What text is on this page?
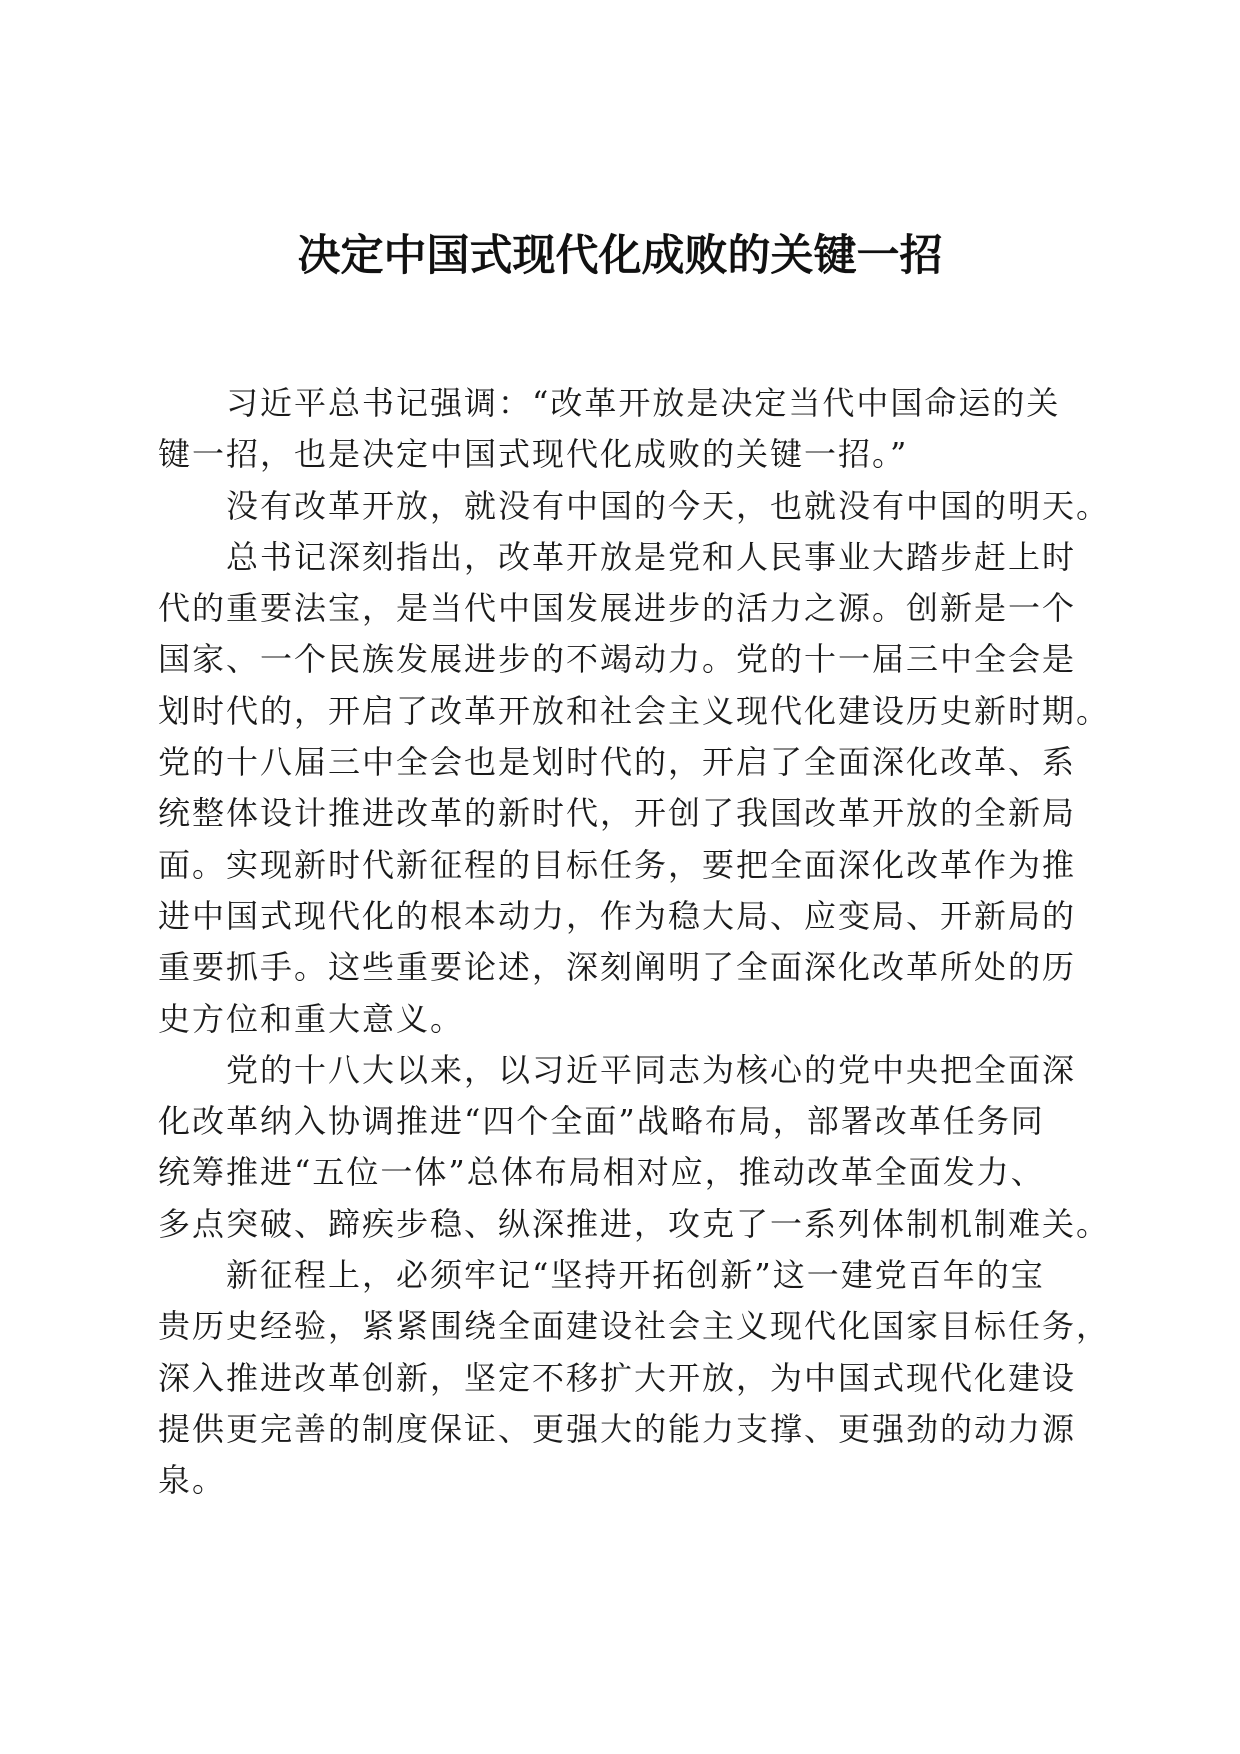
决定中国式现代化成败的关键一招
习近平总书记强调：“改革开放是决定当代中国命运的关
键一招，也是决定中国式现代化成败的关键一招。”
没有改革开放，就没有中国的今天，也就没有中国的明天。
总书记深刻指出，改革开放是党和人民事业大踏步赶上时
代的重要法宝，是当代中国发展进步的活力之源。创新是一个
国家、一个民族发展进步的不竭动力。党的十一届三中全会是
划时代的，开启了改革开放和社会主义现代化建设历史新时期。
党的十八届三中全会也是划时代的，开启了全面深化改革、系
统整体设计推进改革的新时代，开创了我国改革开放的全新局
面。实现新时代新征程的目标任务，要把全面深化改革作为推
进中国式现代化的根本动力，作为稳大局、应变局、开新局的
重要抓手。这些重要论述，深刻阐明了全面深化改革所处的历
史方位和重大意义。
党的十八大以来，以习近平同志为核心的党中央把全面深
化改革纳入协调推进“四个全面”战略布局，部署改革任务同
统筹推进“五位一体”总体布局相对应，推动改革全面发力、
多点突破、蹄疾步稳、纵深推进，攻克了一系列体制机制难关。
新征程上，必须牢记“坚持开拓创新”这一建党百年的宝
贵历史经验，紧紧围绕全面建设社会主义现代化国家目标任务，
深入推进改革创新，坚定不移扩大开放，为中国式现代化建设
提供更完善的制度保证、更强大的能力支撑、更强劲的动力源
泉。
